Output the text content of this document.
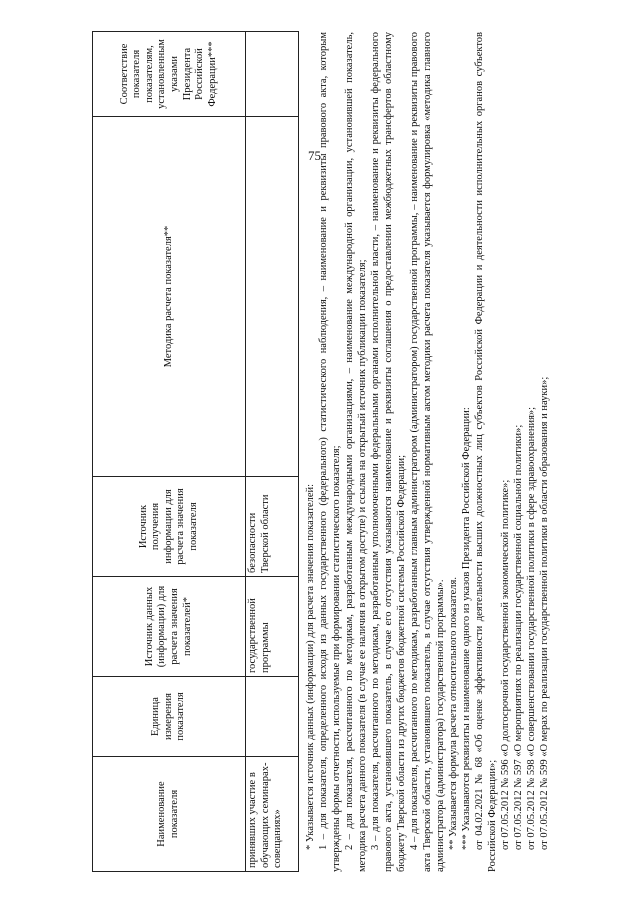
75
Наименование показателя	Единица измерения показателя	Источник данных (информации) для расчета значения показателей*	Источник получения информации для расчета значения показателя	Методика расчета показателя**	Соответствие показателя показателям, установленным указами Президента Российской Федерации***
принявших участие в обучающих семинарах-совещаниях»		государственной программы	безопасности Тверской области			* Указывается источник данных (информации) для расчета значения показателей: 1 – для показателя, определенного исходя из данных государственного (федерального) статистического наблюдения, – наименование и реквизиты правового акта, которым утверждены формы отчетности, используемые при формировании статистического показателя; 2 – для показателя, рассчитанного по методикам, разработанным международными организациями, – наименование международной организации, установившей показатель, методика расчета данного показателя (в случае ее наличия в открытом доступе) и ссылка на открытый источник публикации показателя; 3 – для показателя, рассчитанного по методикам, разработанным уполномоченными федеральными органами исполнительной власти, – наименование и реквизиты федерального правового акта, установившего показатель, в случае его отсутствия указываются наименование и реквизиты соглашения о предоставлении межбюджетных трансфертов областному бюджету Тверской области из других бюджетов бюджетной системы Российской Федерации; 4 – для показателя, рассчитанного по методикам, разработанным главным администратором (администратором) государственной программы, – наименование и реквизиты правового акта Тверской области, установившего показатель, в случае отсутствия утвержденной нормативным актом методики расчета показателя указывается формулировка «методика главного администратора (администратора) государственной программы». ** Указывается формула расчета относительного показателя. *** Указываются реквизиты и наименование одного из указов Президента Российской Федерации: от 04.02.2021 № 68 «Об оценке эффективности деятельности высших должностных лиц субъектов Российской Федерации и деятельности исполнительных органов субъектов Российской Федерации»; от 07.05.2012 № 596 «О долгосрочной государственной экономической политике»; от 07.05.2012 № 597 «О мероприятиях по реализации государственной социальной политики»; от 07.05.2012 № 598 «О совершенствовании государственной политики в сфере здравоохранения»; от 07.05.2012 № 599 «О мерах по реализации государственной политики в области образования и науки»;
